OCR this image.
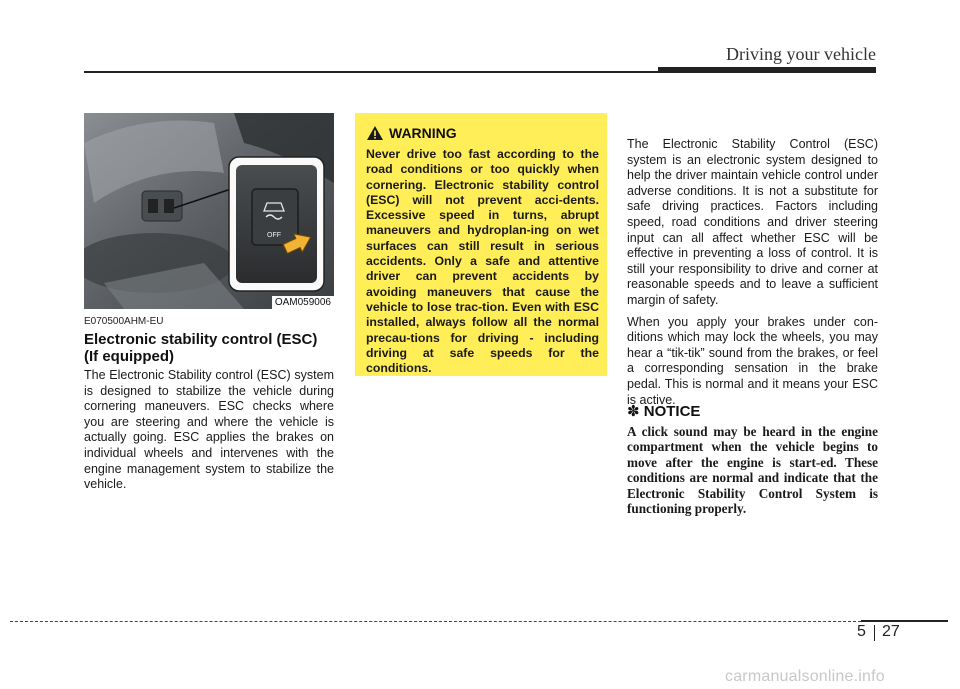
Driving your vehicle
OFF
OAM059006
E070500AHM-EU
Electronic stability control (ESC)
(If equipped)
The Electronic Stability control (ESC) system is designed to stabilize the vehicle during cornering maneuvers. ESC checks where you are steering and where the vehicle is actually going. ESC applies the brakes on individual wheels and intervenes with the engine management system to stabilize the vehicle.
WARNING
Never drive too fast according to the road conditions or too quickly when cornering. Electronic stability control (ESC) will not prevent acci-dents. Excessive speed in turns, abrupt maneuvers and hydroplan-ing on wet surfaces can still result in serious accidents. Only a safe and attentive driver can prevent accidents by avoiding maneuvers that cause the vehicle to lose trac-tion. Even with ESC installed, always follow all the normal precau-tions for driving - including driving at safe speeds for the conditions.

The Electronic Stability Control (ESC) system is an electronic system designed to help the driver maintain vehicle control under adverse conditions. It is not a substitute for safe driving practices. Factors including speed, road conditions and driver steering input can all affect whether ESC will be effective in preventing a loss of control. It is still your responsibility to drive and corner at reasonable speeds and to leave a sufficient margin of safety.

When you apply your brakes under con-ditions which may lock the wheels, you may hear a “tik-tik” sound from the brakes, or feel a corresponding sensation in the brake pedal. This is normal and it means your ESC is active.

✽ NOTICE
A click sound may be heard in the engine compartment when the vehicle begins to move after the engine is start-ed. These conditions are normal and indicate that the Electronic Stability Control System is functioning properly.
5 27
carmanualsonline.info
